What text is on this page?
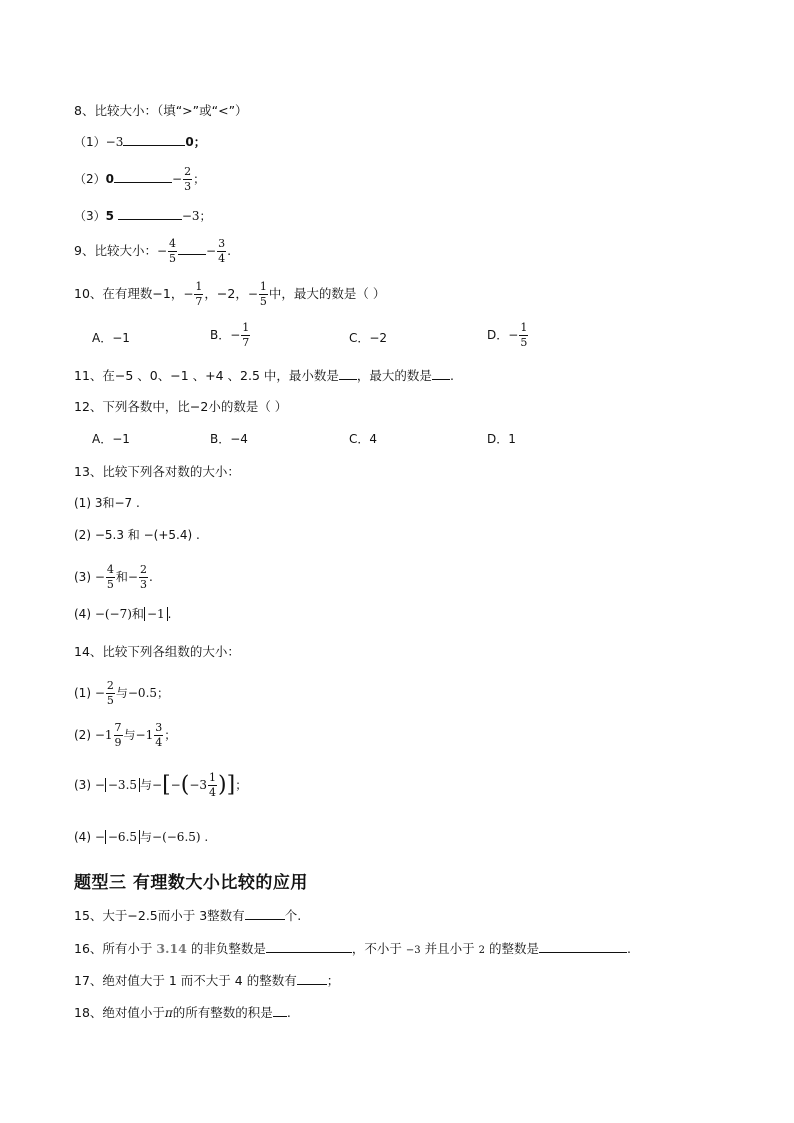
8、比较大小：（填“>”或“<”）
（1）−3	0；
（2）0	− $\frac{2}{3}$ ；
（3）5	−3；
9、比较大小：− $\frac{4}{5} - \frac{3}{4}$ .
10、在有理数−1，− $\frac{1}{7}$ ，−2，− $\frac{1}{5}$ 中，最大的数是（ ）
A．−1	B．− $\frac{1}{7}$	C．−2	D．− $\frac{1}{5}$
11、在−5 、0、−1 、+4 、2.5 中，最小数是 ，最大的数是 .
12、下列各数中，比−2小的数是（ ）
A．−1	B．−4	C．4	D．1
13、比较下列各对数的大小：
(1) 3和−7 .
(2) −5.3 和 −(+5.4) .
$(3) - \frac{4}{5}$ 和− $\frac{2}{3}$ .
(4) −(−7)和 −1 .
14、比较下列各组数的大小：
$(1) - \frac{2}{5}$ 与−0.5；
$(2) -1 \frac{7}{9}$ 与$-1 \frac{3}{4}$ ；
(3) − −3.5 与$-[-(-3 \frac{1}{4}$ )]；
(4) − −6.5 与−(−6.5) .
题型三 有理数大小比较的应用
15、大于−2.5而小于 3整数有	个.
16、所有小于 3.14 的非负整数是	，不小于 −3 并且小于 2 的整数是	.
17、绝对值大于 1 而不大于 4 的整数有 ；
18、绝对值小于π的所有整数的积是 .
